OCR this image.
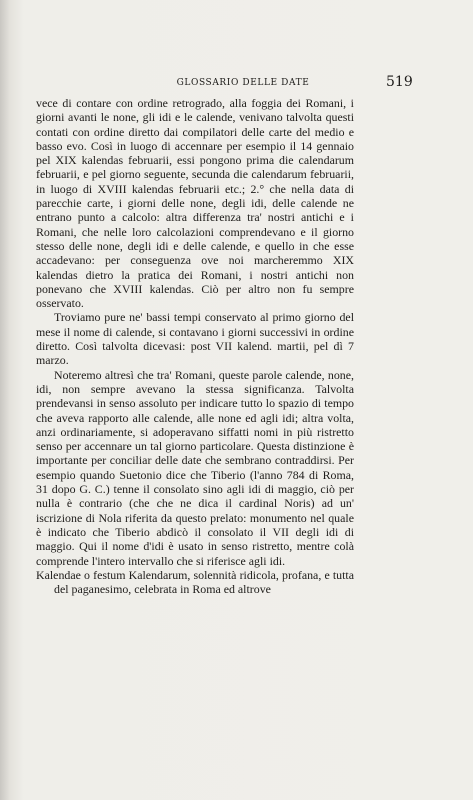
GLOSSARIO DELLE DATE	519

vece di contare con ordine retrogrado, alla foggia dei Romani, i giorni avanti le none, gli idi e le calende, venivano talvolta questi contati con ordine diretto dai compilatori delle carte del medio e basso evo. Così in luogo di accennare per esempio il 14 gennaio pel XIX kalendas februarii, essi pongono prima die calendarum februarii, e pel giorno seguente, secunda die calendarum februarii, in luogo di XVIII kalendas februarii etc.; 2.° che nella data di parecchie carte, i giorni delle none, degli idi, delle calende ne entrano punto a calcolo: altra differenza tra' nostri antichi e i Romani, che nelle loro calcolazioni comprendevano e il giorno stesso delle none, degli idi e delle calende, e quello in che esse accadevano: per conseguenza ove noi marcheremmo XIX kalendas dietro la pratica dei Romani, i nostri antichi non ponevano che XVIII kalendas. Ciò per altro non fu sempre osservato.

Troviamo pure ne' bassi tempi conservato al primo giorno del mese il nome di calende, si contavano i giorni successivi in ordine diretto. Così talvolta dicevasi: post VII kalend. martii, pel dì 7 marzo.

Noteremo altresì che tra' Romani, queste parole calende, none, idi, non sempre avevano la stessa significanza. Talvolta prendevansi in senso assoluto per indicare tutto lo spazio di tempo che aveva rapporto alle calende, alle none ed agli idi; altra volta, anzi ordinariamente, si adoperavano siffatti nomi in più ristretto senso per accennare un tal giorno particolare. Questa distinzione è importante per conciliar delle date che sembrano contraddirsi. Per esempio quando Suetonio dice che Tiberio (l'anno 784 di Roma, 31 dopo G. C.) tenne il consolato sino agli idi di maggio, ciò per nulla è contrario (che che ne dica il cardinal Noris) ad un' iscrizione di Nola riferita da questo prelato: monumento nel quale è indicato che Tiberio abdicò il consolato il VII degli idi di maggio. Qui il nome d'idi è usato in senso ristretto, mentre colà comprende l'intero intervallo che si riferisce agli idi.

Kalendae o festum Kalendarum, solennità ridicola, profana, e tutta del paganesimo, celebrata in Roma ed altrove
